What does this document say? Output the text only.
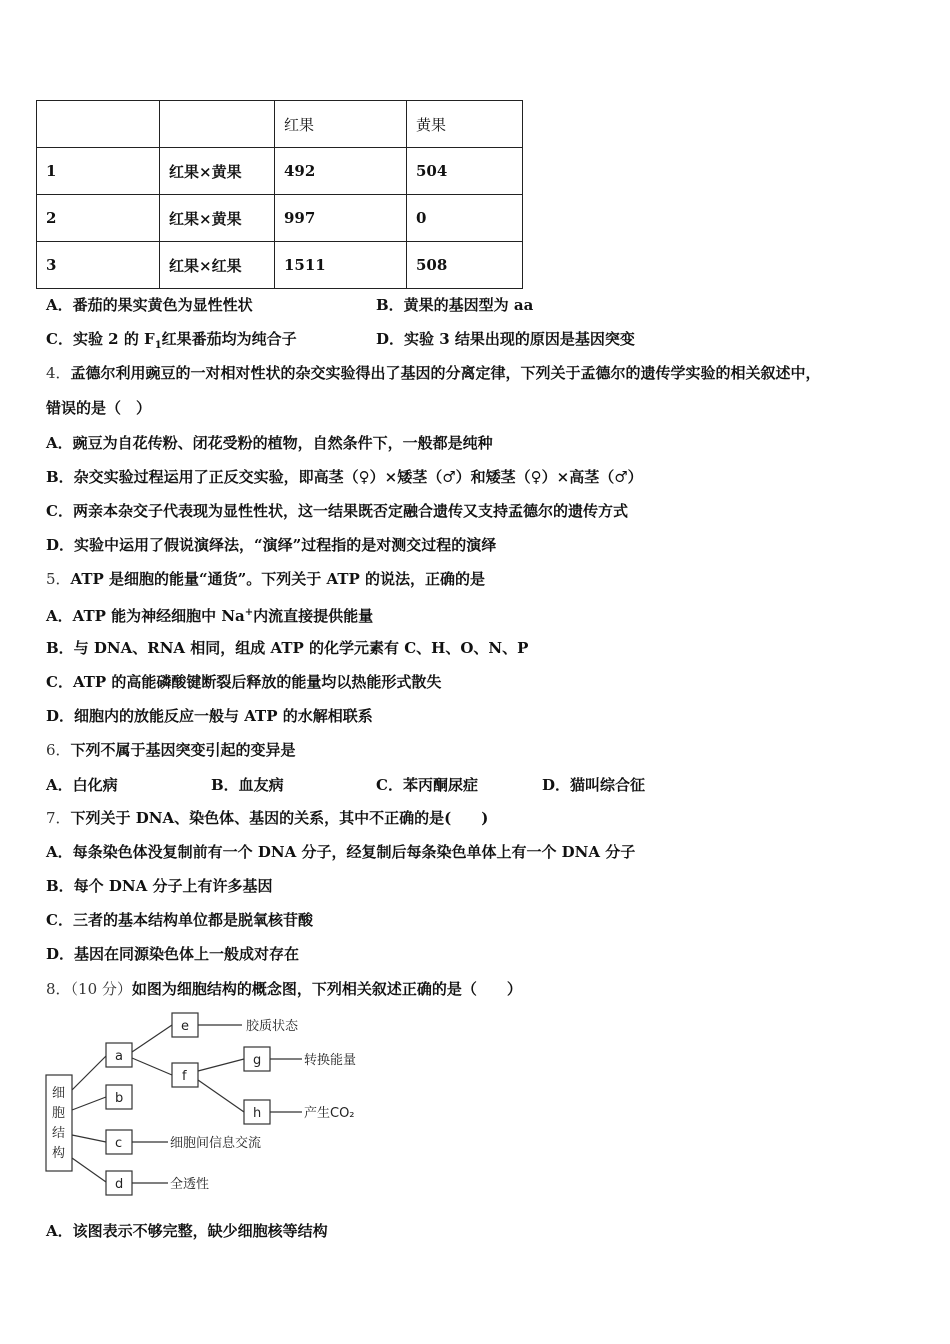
		红果	黄果
1	红果×黄果	492	504
2	红果×黄果	997	0
3	红果×红果	1511	508
A．番茄的果实黄色为显性性状	B．黄果的基因型为 aa
C．实验 2 的 $F_1$红果番茄均为纯合子	D．实验 3 结果出现的原因是基因突变
4．孟德尔利用豌豆的一对相对性状的杂交实验得出了基因的分离定律，下列关于孟德尔的遗传学实验的相关叙述中，
错误的是（　）
A．豌豆为自花传粉、闭花受粉的植物，自然条件下，一般都是纯种
B．杂交实验过程运用了正反交实验，即高茎（♀）×矮茎（♂）和矮茎（♀）×高茎（♂）
C．两亲本杂交子代表现为显性性状，这一结果既否定融合遗传又支持孟德尔的遗传方式
D．实验中运用了假说演绎法，“演绎”过程指的是对测交过程的演绎
5．ATP 是细胞的能量“通货”。下列关于 ATP 的说法，正确的是
A．ATP 能为神经细胞中 Na+内流直接提供能量
B．与 DNA、RNA 相同，组成 ATP 的化学元素有 C、H、O、N、P
C．ATP 的高能磷酸键断裂后释放的能量均以热能形式散失
D．细胞内的放能反应一般与 ATP 的水解相联系
6．下列不属于基因突变引起的变异是
A．白化病	B．血友病	C．苯丙酮尿症	D．猫叫综合征
7．下列关于 DNA、染色体、基因的关系，其中不正确的是(　　)
A．每条染色体没复制前有一个 DNA 分子，经复制后每条染色单体上有一个 DNA 分子
B．每个 DNA 分子上有许多基因
C．三者的基本结构单位都是脱氧核苷酸
D．基因在同源染色体上一般成对存在
8．（10 分）如图为细胞结构的概念图，下列相关叙述正确的是（　　）
细
胞
结
构
a
b
c
d
e
f
g
h
胶质状态
转换能量
产生CO₂
细胞间信息交流
全透性
A．该图表示不够完整，缺少细胞核等结构
